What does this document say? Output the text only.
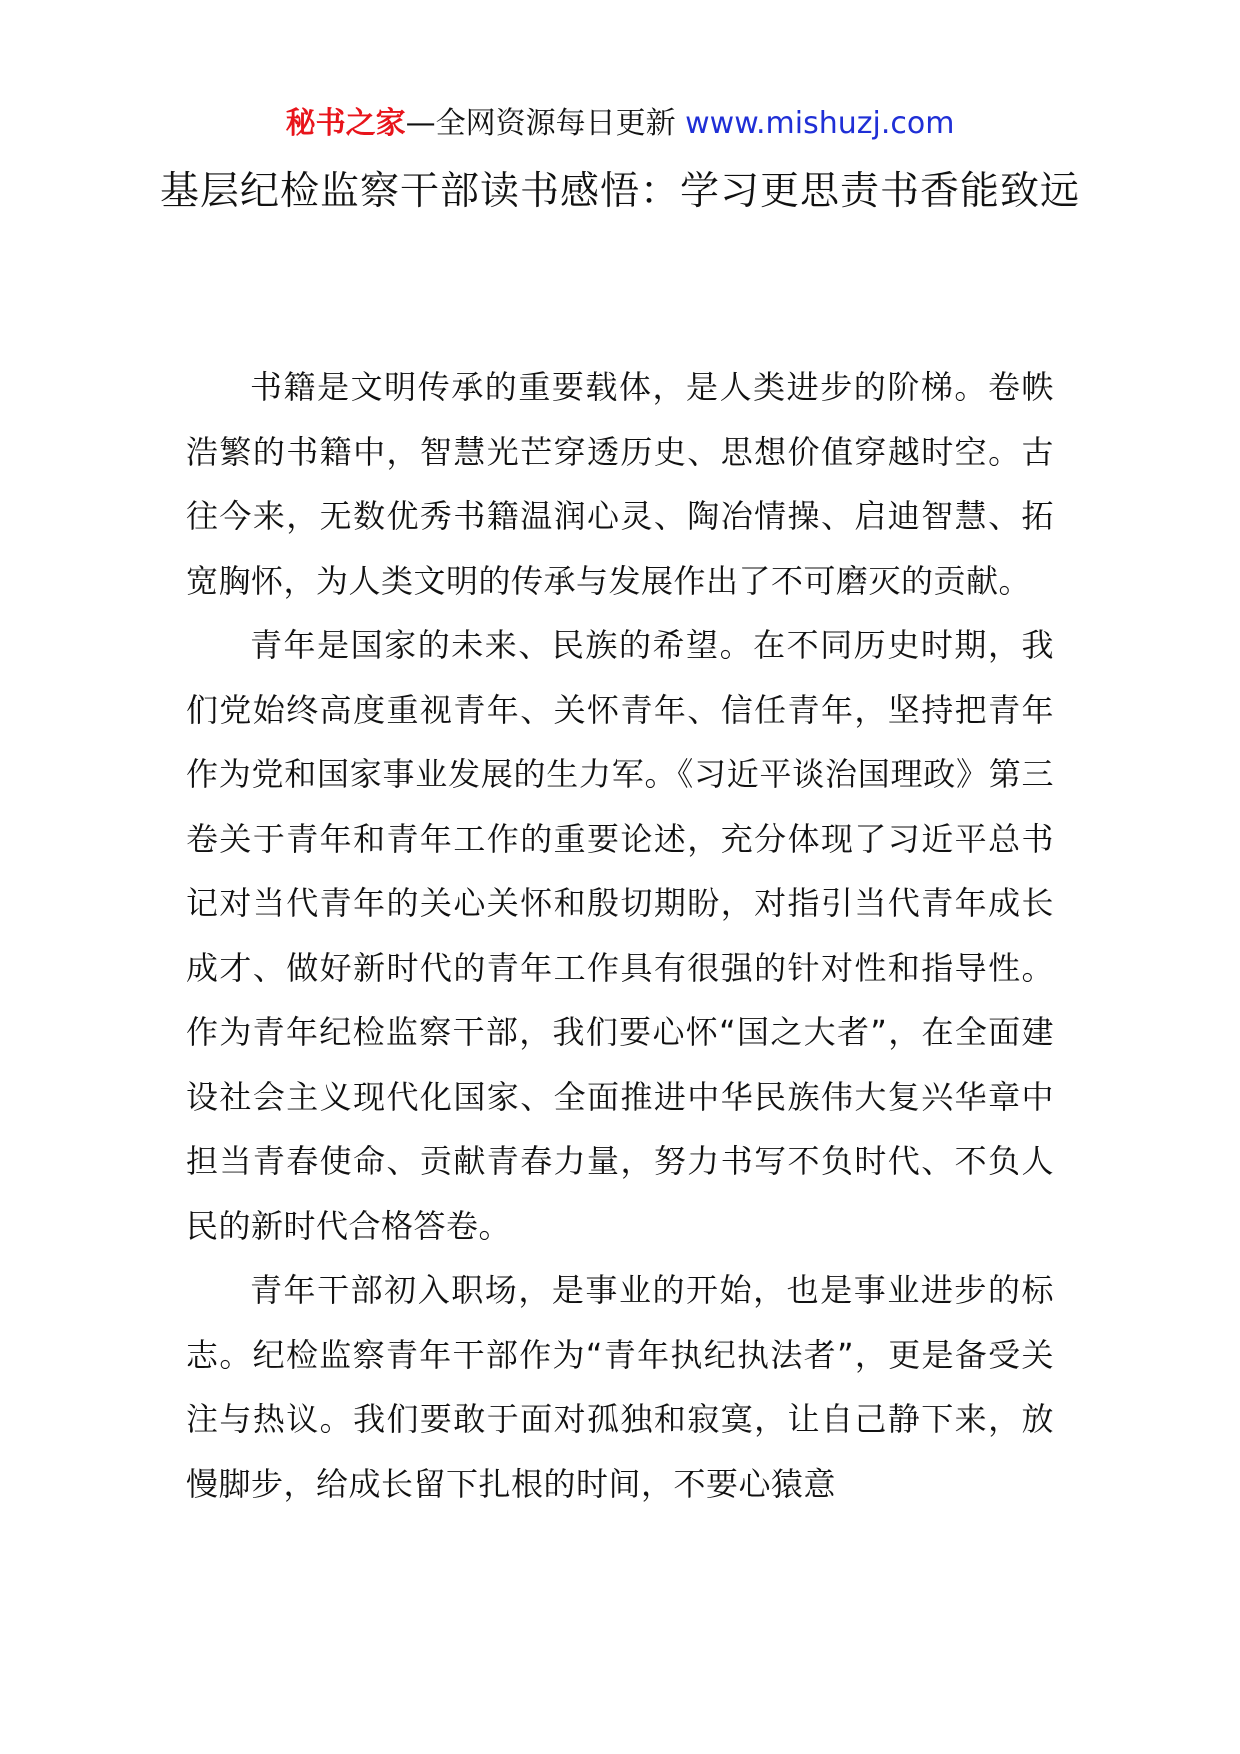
秘书之家—全网资源每日更新 www.mishuzj.com
基层纪检监察干部读书感悟：学习更思责书香能致远

书籍是文明传承的重要载体，是人类进步的阶梯。卷帙浩繁的书籍中，智慧光芒穿透历史、思想价值穿越时空。古往今来，无数优秀书籍温润心灵、陶冶情操、启迪智慧、拓宽胸怀，为人类文明的传承与发展作出了不可磨灭的贡献。

青年是国家的未来、民族的希望。在不同历史时期，我们党始终高度重视青年、关怀青年、信任青年，坚持把青年作为党和国家事业发展的生力军。《习近平谈治国理政》第三卷关于青年和青年工作的重要论述，充分体现了习近平总书记对当代青年的关心关怀和殷切期盼，对指引当代青年成长成才、做好新时代的青年工作具有很强的针对性和指导性。作为青年纪检监察干部，我们要心怀“国之大者”，在全面建设社会主义现代化国家、全面推进中华民族伟大复兴华章中担当青春使命、贡献青春力量，努力书写不负时代、不负人民的新时代合格答卷。

青年干部初入职场，是事业的开始，也是事业进步的标志。纪检监察青年干部作为“青年执纪执法者”，更是备受关注与热议。我们要敢于面对孤独和寂寞，让自己静下来，放慢脚步，给成长留下扎根的时间，不要心猿意
